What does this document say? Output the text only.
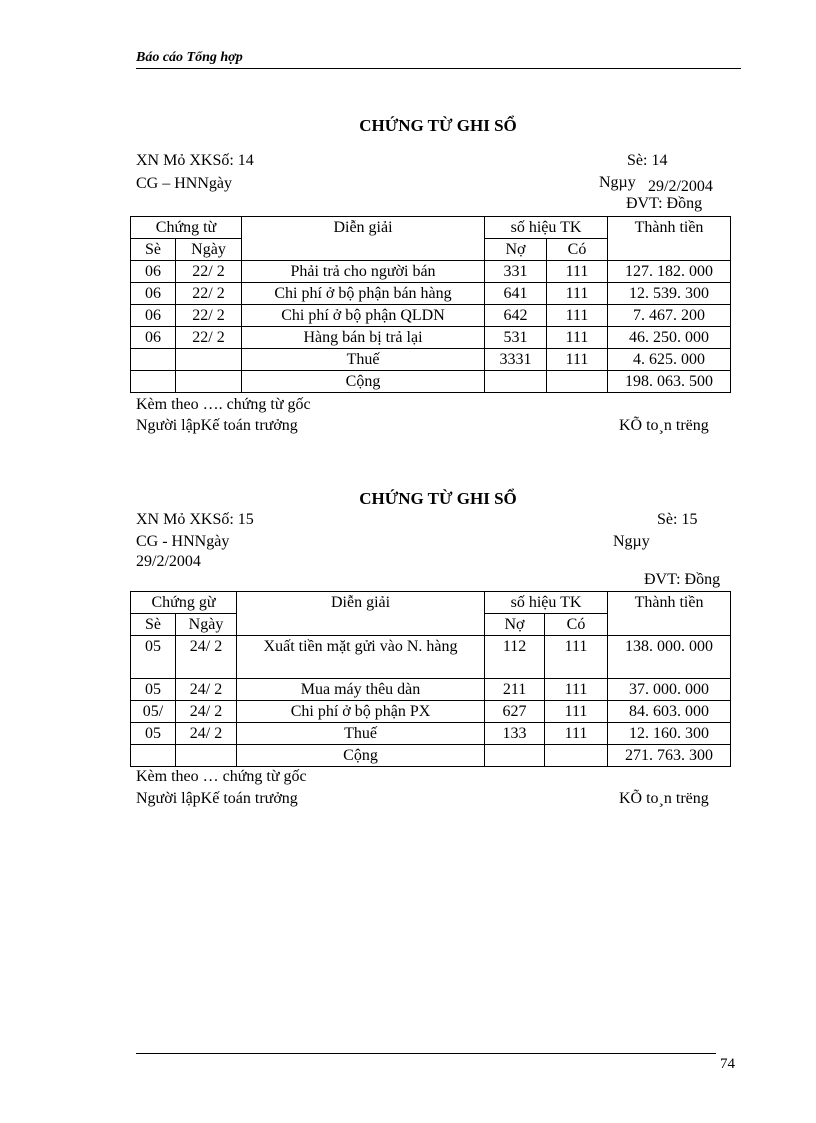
Báo cáo Tổng hợp
CHỨNG TỪ GHI SỔ
XN Mỏ XKSố: 14	Sè: 14
CG – HNNgày	Ngµy 29/2/2004
ĐVT: Đồng
Chứng từ		Diễn giải	số hiệu TK		Thành tiền
Sè	Ngày		Nợ	Có	
06	22/ 2	Phải trả cho người bán	331	111	127. 182. 000
06	22/ 2	Chi phí ở bộ phận bán hàng	641	111	12. 539. 300
06	22/ 2	Chi phí ở bộ phận QLDN	642	111	7. 467. 200
06	22/ 2	Hàng bán bị trả lại	531	111	46. 250. 000
		Thuế	3331	111	4. 625. 000
		Cộng			198. 063. 500
Kèm theo …. chứng từ gốc
Người lậpKế toán trưởng	KÕ to¸n trëng
CHỨNG TỪ GHI SỔ
XN Mỏ XKSố: 15	Sè: 15
CG - HNNgày	Ngµy
29/2/2004
ĐVT: Đồng
Chứng gừ		Diễn giải	số hiệu TK		Thành tiền
Sè	Ngày		Nợ	Có	
05	24/ 2	Xuất tiền mặt gửi vào N. hàng	112	111	138. 000. 000
05	24/ 2	Mua máy thêu dàn	211	111	37. 000. 000
05/	24/ 2	Chi phí ở bộ phận PX	627	111	84. 603. 000
05	24/ 2	Thuế	133	111	12. 160. 300
		Cộng			271. 763. 300
Kèm theo … chứng từ gốc
Người lậpKế toán trưởng	KÕ to¸n trëng
74
